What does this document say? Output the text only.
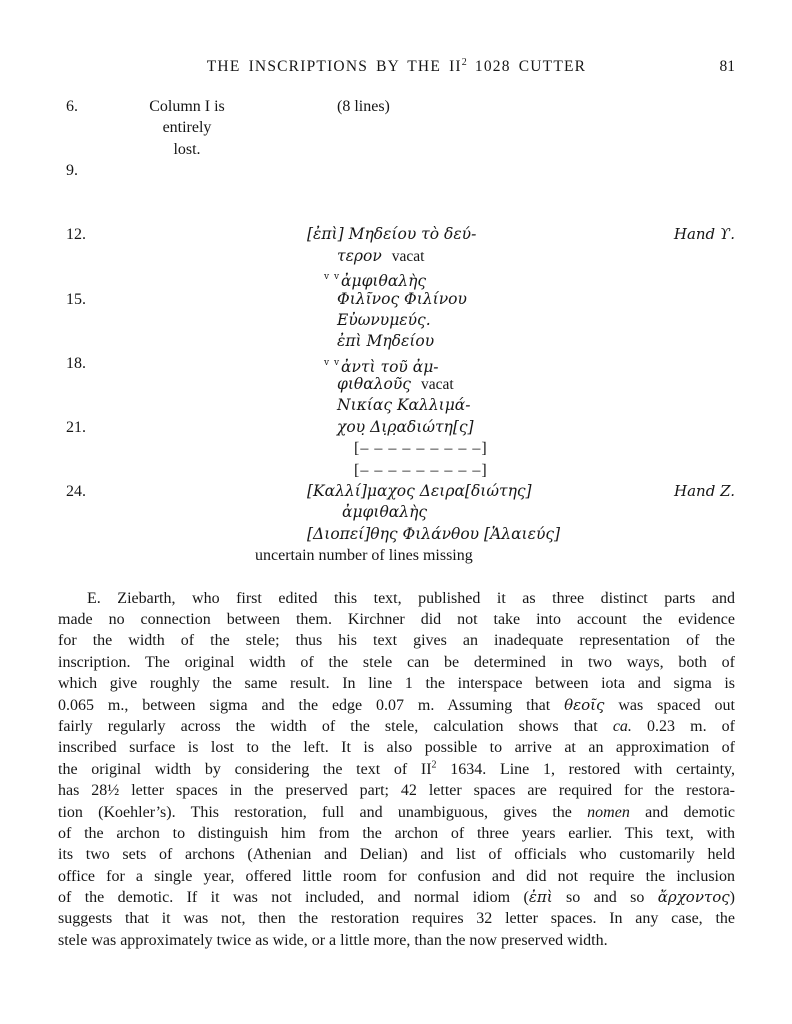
THE INSCRIPTIONS BY THE $II^2$ 1028 CUTTER	81
6.	Column I is	(8 lines)
entirely
lost.
9.
12.	[ἐπὶ] Μηδείου τὸ δεύ-	Hand ϒ.
τερον vacat
$^{v v}$ἀμφιθαλὴς
15.	Φιλῖνος Φιλίνου
Εὐωνυμεύς.
ἐπὶ Μηδείου
18.	$^{v v}$ἀντὶ τοῦ ἀμ-
φιθαλοῦς vacat
Νικίας Καλλιμά-
21.	χου̣ Δι̣ρ̣αδιώτη[ς]
[– – – – – – – – –]
[– – – – – – – – –]
24.	[Καλλί]μαχος Δειρα[διώτης]	Hand Z.
ἀμφιθαλὴς
[Διοπεί]θης Φιλάνθου [Ἁλαιεύς]
uncertain number of lines missing
E. Ziebarth, who first edited this text, published it as three distinct parts and
made no connection between them. Kirchner did not take into account the evidence
for the width of the stele; thus his text gives an inadequate representation of the
inscription. The original width of the stele can be determined in two ways, both of
which give roughly the same result. In line 1 the interspace between iota and sigma is
0.065 m., between sigma and the edge 0.07 m. Assuming that θεοῖς was spaced out
fairly regularly across the width of the stele, calculation shows that ca. 0.23 m. of
inscribed surface is lost to the left. It is also possible to arrive at an approximation of
the original width by considering the text of $II^2$ 1634. Line 1, restored with certainty,
has 28½ letter spaces in the preserved part; 42 letter spaces are required for the restora-
tion (Koehler’s). This restoration, full and unambiguous, gives the nomen and demotic
of the archon to distinguish him from the archon of three years earlier. This text, with
its two sets of archons (Athenian and Delian) and list of officials who customarily held
office for a single year, offered little room for confusion and did not require the inclusion
of the demotic. If it was not included, and normal idiom (ἐπὶ so and so ἄρχοντος)
suggests that it was not, then the restoration requires 32 letter spaces. In any case, the
stele was approximately twice as wide, or a little more, than the now preserved width.
